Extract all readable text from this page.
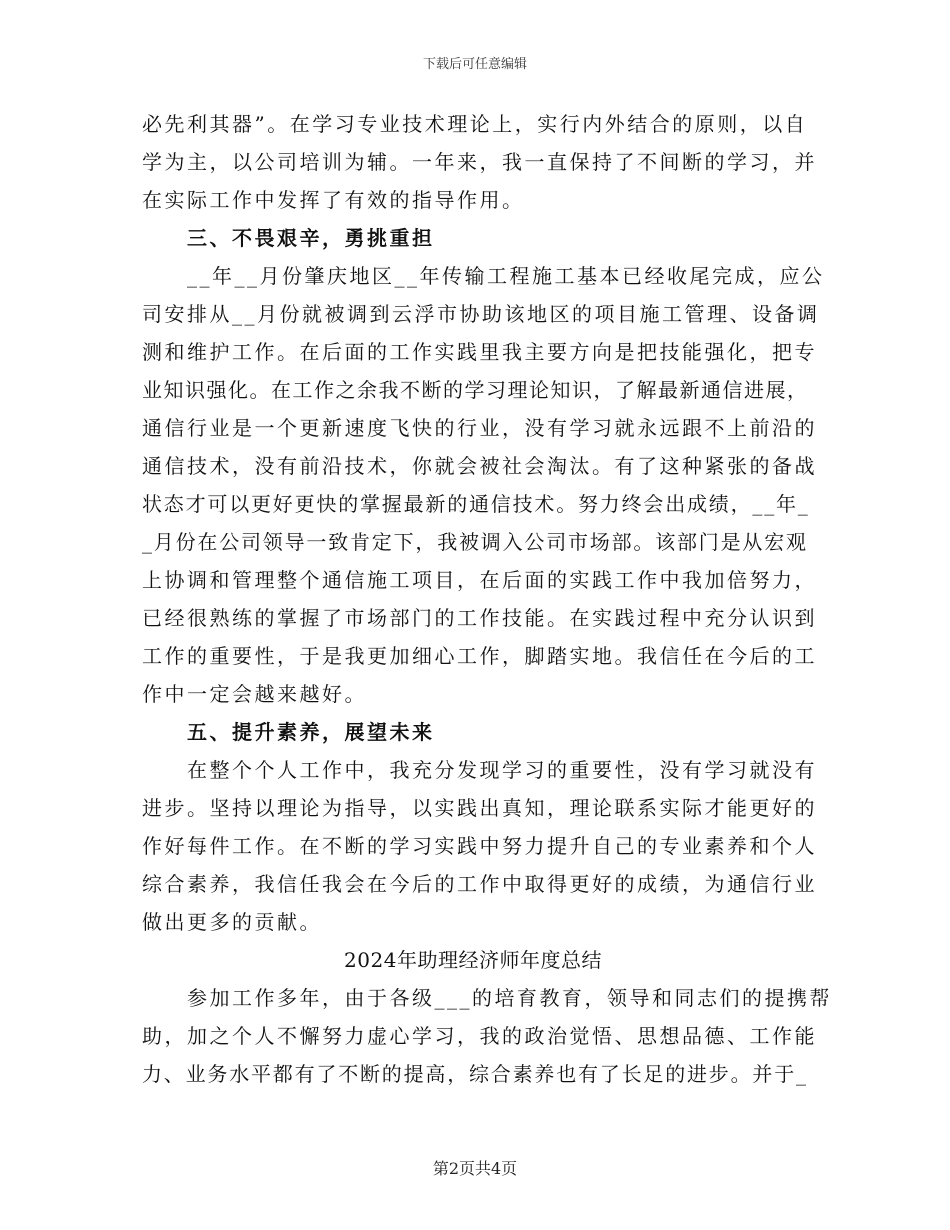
下载后可任意编辑
必先利其器”。在学习专业技术理论上，实行内外结合的原则，以自
学为主，以公司培训为辅。一年来，我一直保持了不间断的学习，并
在实际工作中发挥了有效的指导作用。
三、不畏艰辛，勇挑重担
__年__月份肇庆地区__年传输工程施工基本已经收尾完成，应公
司安排从__月份就被调到云浮市协助该地区的项目施工管理、设备调
测和维护工作。在后面的工作实践里我主要方向是把技能强化，把专
业知识强化。在工作之余我不断的学习理论知识，了解最新通信进展，
通信行业是一个更新速度飞快的行业，没有学习就永远跟不上前沿的
通信技术，没有前沿技术，你就会被社会淘汰。有了这种紧张的备战
状态才可以更好更快的掌握最新的通信技术。努力终会出成绩，__年_
_月份在公司领导一致肯定下，我被调入公司市场部。该部门是从宏观
上协调和管理整个通信施工项目，在后面的实践工作中我加倍努力，
已经很熟练的掌握了市场部门的工作技能。在实践过程中充分认识到
工作的重要性，于是我更加细心工作，脚踏实地。我信任在今后的工
作中一定会越来越好。
五、提升素养，展望未来
在整个个人工作中，我充分发现学习的重要性，没有学习就没有
进步。坚持以理论为指导，以实践出真知，理论联系实际才能更好的
作好每件工作。在不断的学习实践中努力提升自己的专业素养和个人
综合素养，我信任我会在今后的工作中取得更好的成绩，为通信行业
做出更多的贡献。
2024年助理经济师年度总结
参加工作多年，由于各级___的培育教育，领导和同志们的提携帮
助，加之个人不懈努力虚心学习，我的政治觉悟、思想品德、工作能
力、业务水平都有了不断的提高，综合素养也有了长足的进步。并于_
第2页共4页
